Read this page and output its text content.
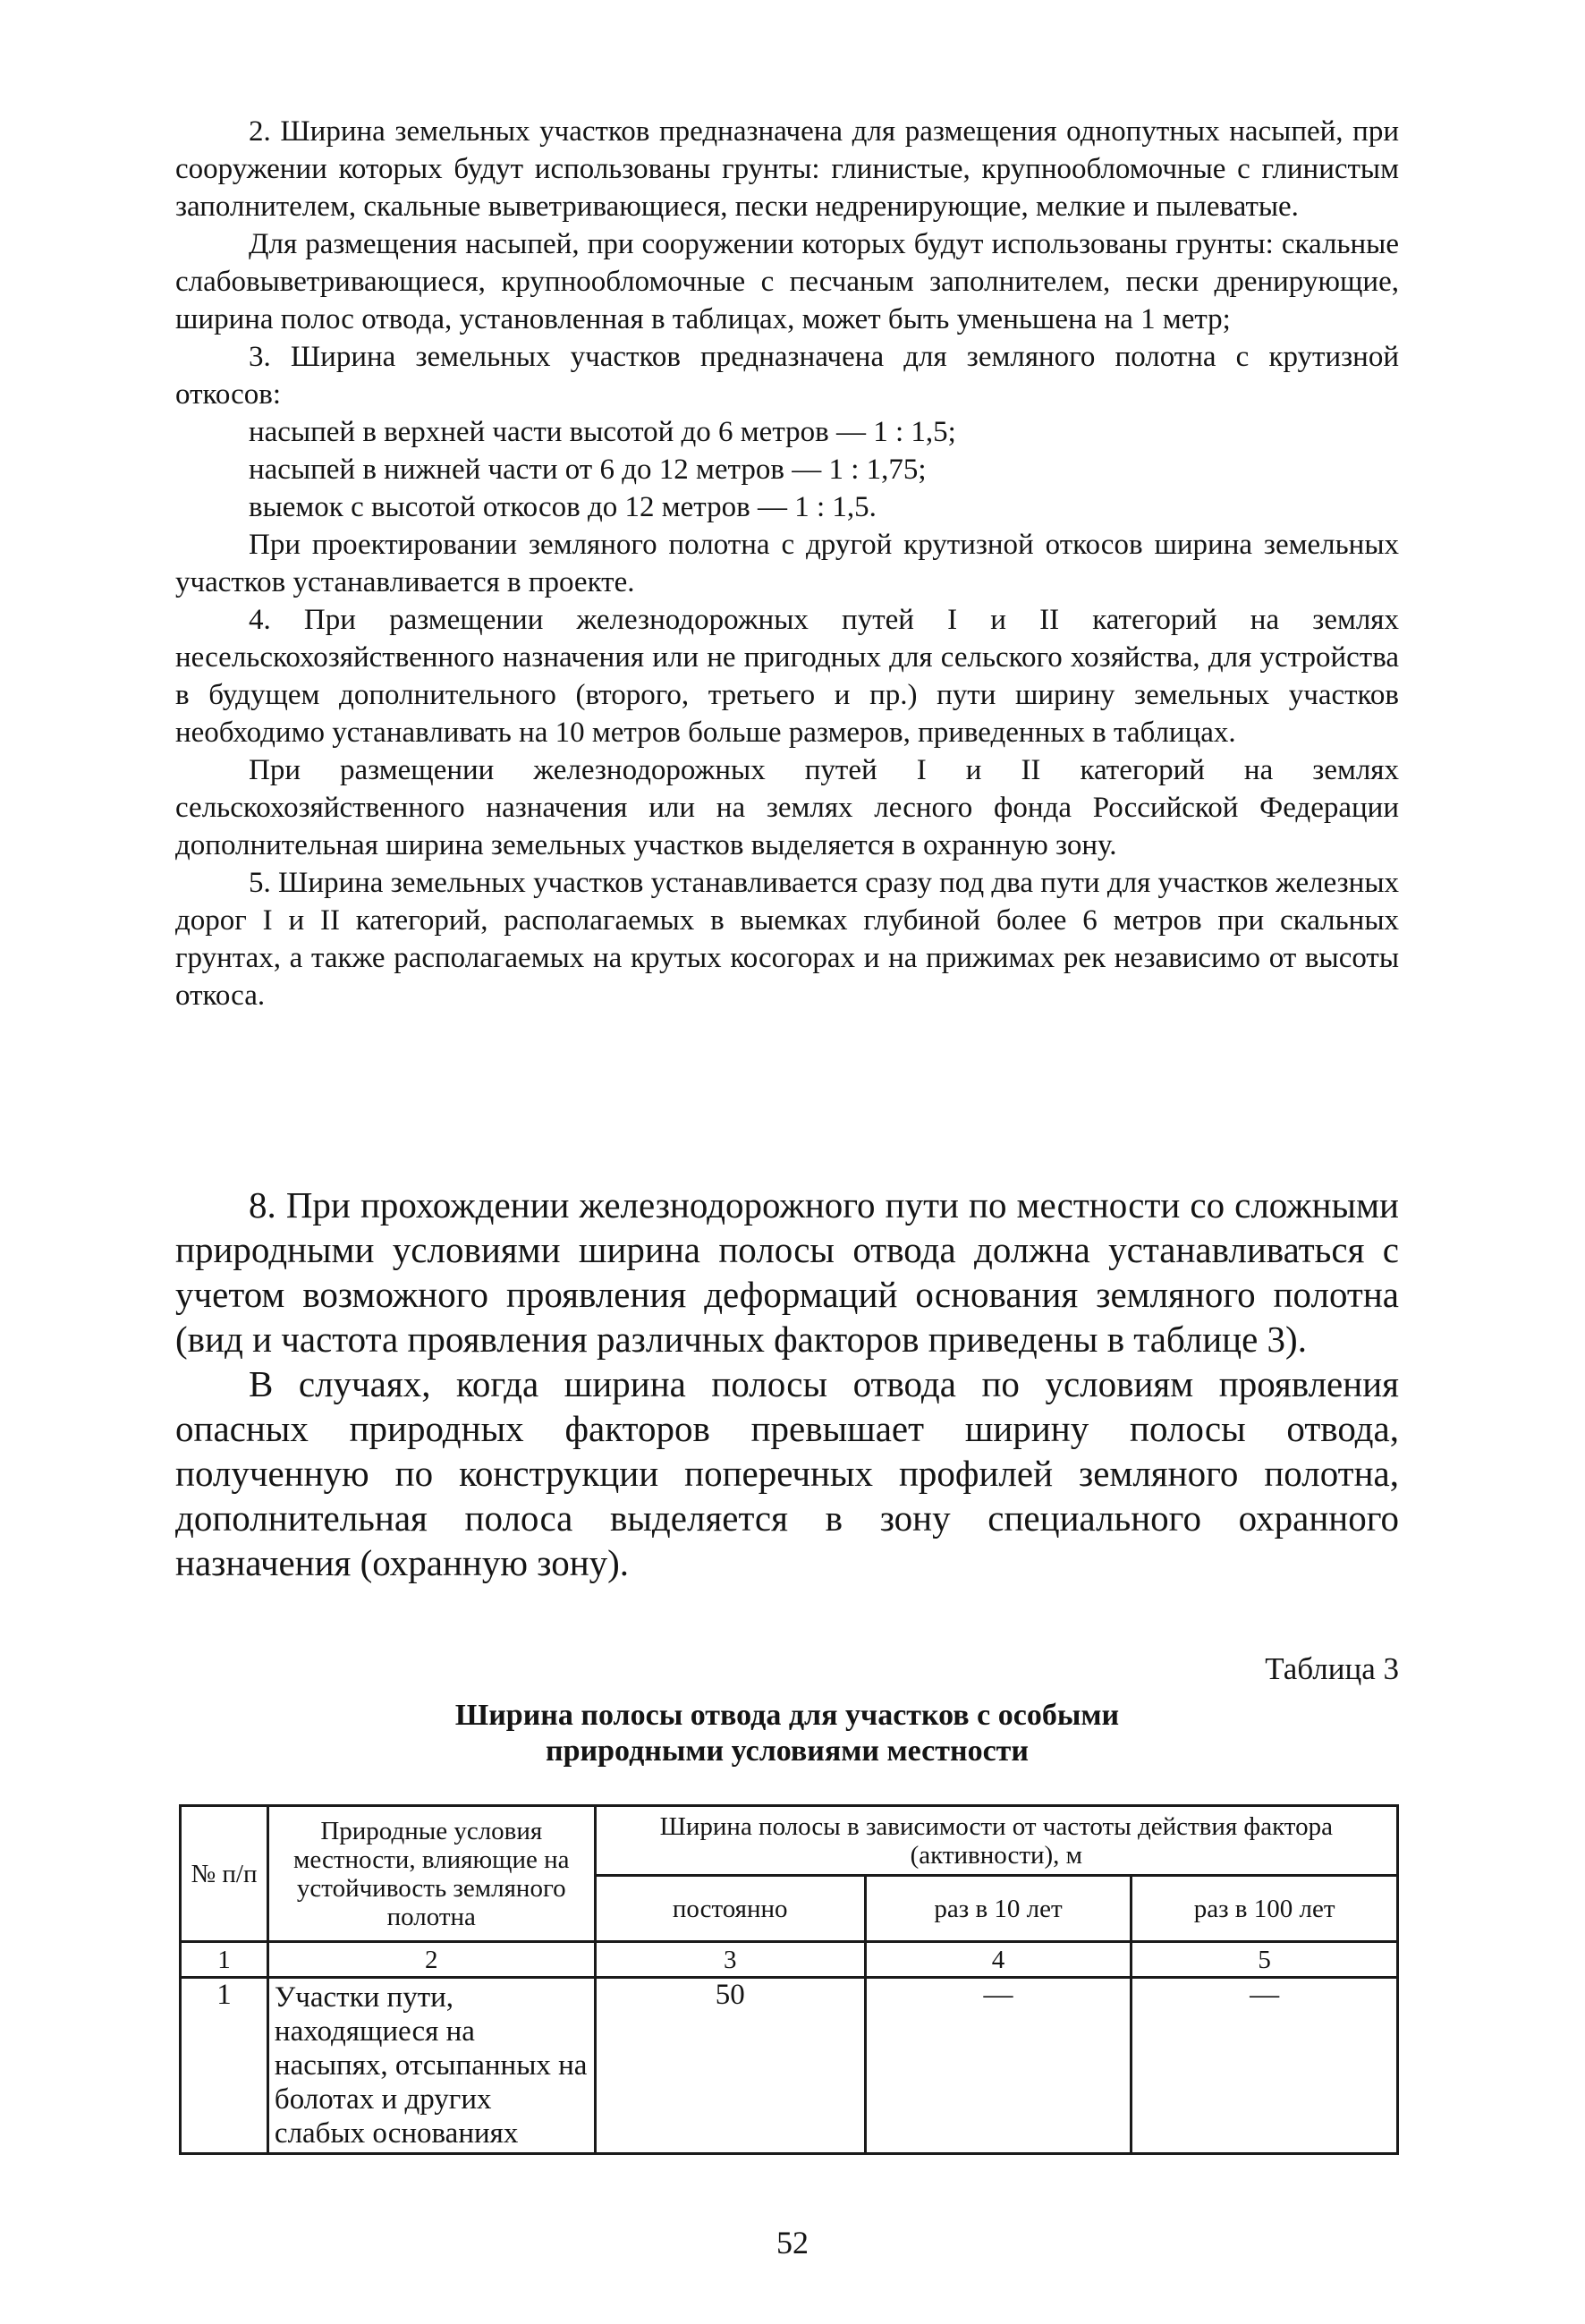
2. Ширина земельных участков предназначена для размещения однопутных насыпей, при сооружении которых будут использованы грунты: глинистые, крупнообломочные с глинистым заполнителем, скальные выветривающиеся, пески недренирующие, мелкие и пылеватые.

Для размещения насыпей, при сооружении которых будут использованы грунты: скальные слабовыветривающиеся, крупнообломочные с песчаным заполнителем, пески дренирующие, ширина полос отвода, установленная в таблицах, может быть уменьшена на 1 метр;

3. Ширина земельных участков предназначена для земляного полотна с крутизной откосов:

насыпей в верхней части высотой до 6 метров — 1 : 1,5;

насыпей в нижней части от 6 до 12 метров — 1 : 1,75;

выемок с высотой откосов до 12 метров — 1 : 1,5.

При проектировании земляного полотна с другой крутизной откосов ширина земельных участков устанавливается в проекте.

4. При размещении железнодорожных путей I и II категорий на землях несельскохозяйственного назначения или не пригодных для сельского хозяйства, для устройства в будущем дополнительного (второго, третьего и пр.) пути ширину земельных участков необходимо устанавливать на 10 метров больше размеров, приведенных в таблицах.

При размещении железнодорожных путей I и II категорий на землях сельскохозяйственного назначения или на землях лесного фонда Российской Федерации дополнительная ширина земельных участков выделяется в охранную зону.

5. Ширина земельных участков устанавливается сразу под два пути для участков железных дорог I и II категорий, располагаемых в выемках глубиной более 6 метров при скальных грунтах, а также располагаемых на крутых косогорах и на прижимах рек независимо от высоты откоса.

8. При прохождении железнодорожного пути по местности со сложными природными условиями ширина полосы отвода должна устанавливаться с учетом возможного проявления деформаций основания земляного полотна (вид и частота проявления различных факторов приведены в таблице 3).

В случаях, когда ширина полосы отвода по условиям проявления опасных природных факторов превышает ширину полосы отвода, полученную по конструкции поперечных профилей земляного полотна, дополнительная полоса выделяется в зону специального охранного назначения (охранную зону).

Таблица 3
Ширина полосы отвода для участков с особыми
природными условиями местности
№ п/п	Природные условия местности, влияющие на устойчивость земляного полотна	Ширина полосы в зависимости от частоты действия фактора (активности), м		
		постоянно	раз в 10 лет	раз в 100 лет
1	2	3	4	5
1	Участки пути, находящиеся на насыпях, отсыпанных на болотах и других слабых основаниях	50	—	—
52
